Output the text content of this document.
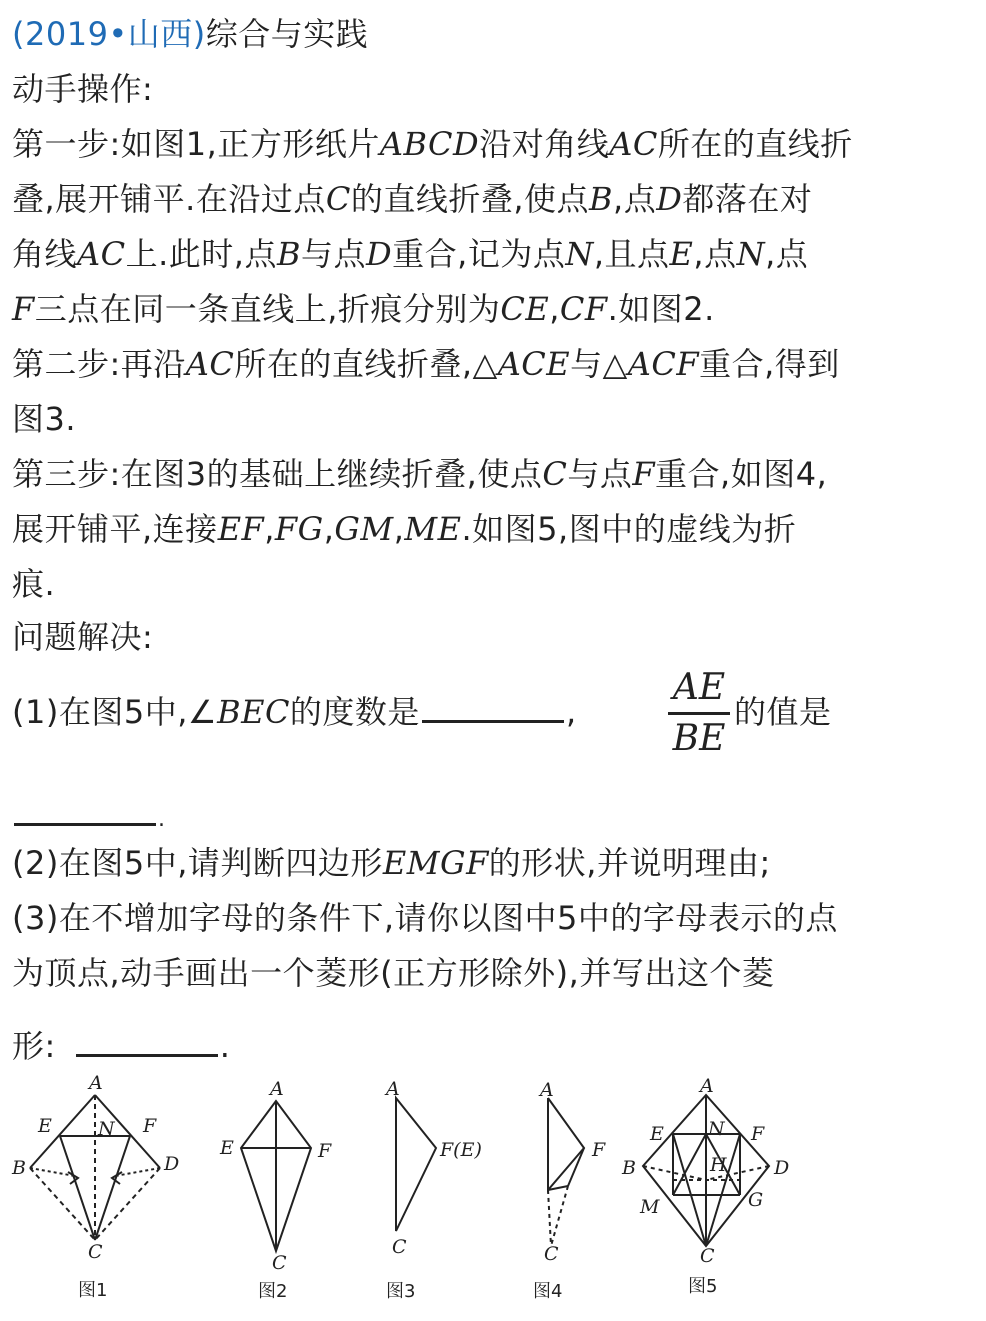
(2019•山西)综合与实践
动手操作:
第一步:如图1,正方形纸片ABCD沿对角线AC所在的直线折
叠,展开铺平.在沿过点C的直线折叠,使点B,点D都落在对
角线AC上.此时,点B与点D重合,记为点N,且点E,点N,点
F三点在同一条直线上,折痕分别为CE,CF.如图2.
第二步:再沿AC所在的直线折叠,△ACE与△ACF重合,得到
图3.
第三步:在图3的基础上继续折叠,使点C与点F重合,如图4,
展开铺平,连接EF,FG,GM,ME.如图5,图中的虚线为折
痕.
问题解决:
(1)在图5中,∠BEC的度数是	,
AE
BE
的值是
.
(2)在图5中,请判断四边形EMGF的形状,并说明理由;
(3)在不增加字母的条件下,请你以图中5中的字母表示的点
为顶点,动手画出一个菱形(正方形除外),并写出这个菱
形:	.
A
E N F
B	D
C
图1
A
E	F
C
图2
A
F(E)
C
图3
A
F
C
图4
A
E N F
B	H D
M	G
C
图5
